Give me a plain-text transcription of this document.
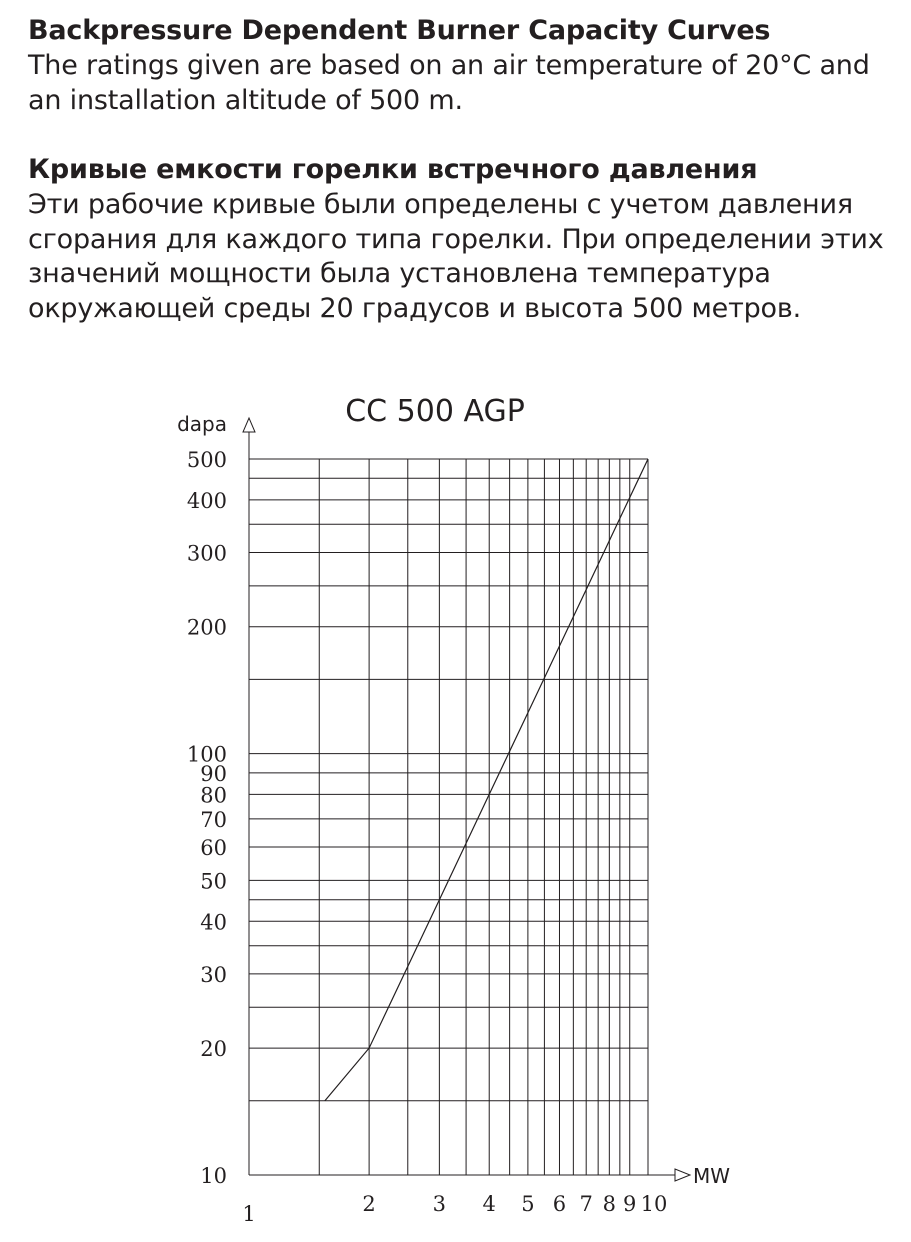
Backpressure Dependent Burner Capacity Curves

The ratings given are based on an air temperature of 20°C and an installation altitude of 500 m.

Кривые емкости горелки встречного давления

Эти рабочие кривые были определены с учетом давления сгорания для каждого типа горелки. При определении этих значений мощности была установлена температура окружающей среды 20 градусов и высота 500 метров.

CC 500 AGP
dapa
MW
10
20
30
40
50
60
70
80
90
100
200
300
400
500
1	2	3 4 5 6 7 8 9 10
